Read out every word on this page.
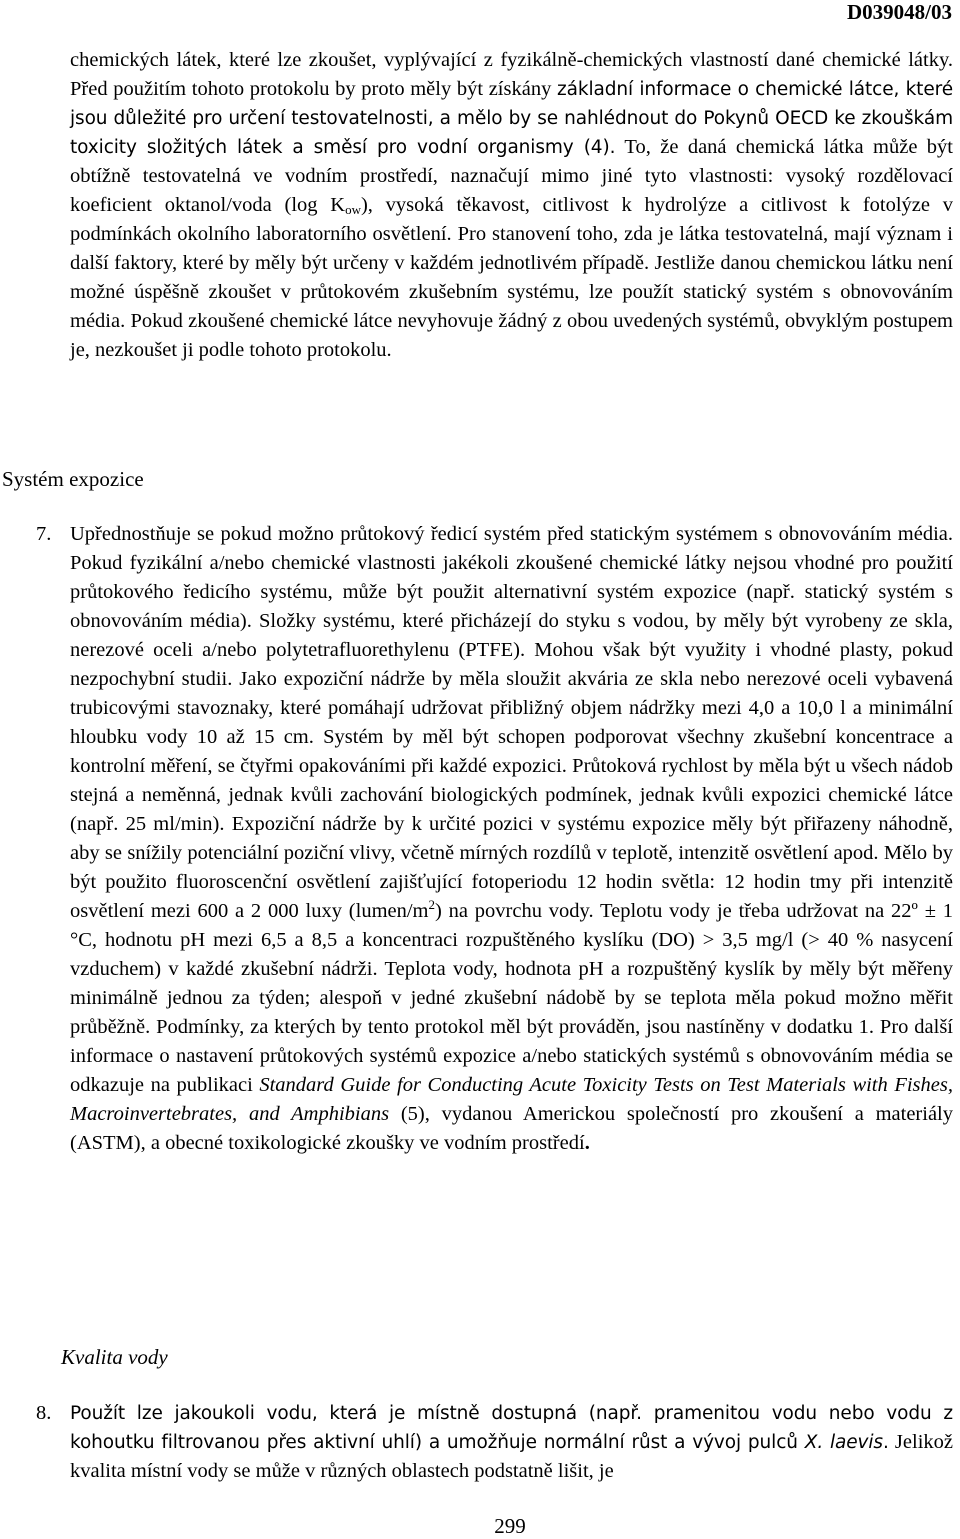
D039048/03
chemických látek, které lze zkoušet, vyplývající z fyzikálně-chemických vlastností dané chemické látky. Před použitím tohoto protokolu by proto měly být získány základní informace o chemické látce, které jsou důležité pro určení testovatelnosti, a mělo by se nahlédnout do Pokynů OECD ke zkouškám toxicity složitých látek a směsí pro vodní organismy (4). To, že daná chemická látka může být obtížně testovatelná ve vodním prostředí, naznačují mimo jiné tyto vlastnosti: vysoký rozdělovací koeficient oktanol/voda (log $K_{ow}$), vysoká těkavost, citlivost k hydrolýze a citlivost k fotolýze v podmínkách okolního laboratorního osvětlení. Pro stanovení toho, zda je látka testovatelná, mají význam i další faktory, které by měly být určeny v každém jednotlivém případě. Jestliže danou chemickou látku není možné úspěšně zkoušet v průtokovém zkušebním systému, lze použít statický systém s obnovováním média. Pokud zkoušené chemické látce nevyhovuje žádný z obou uvedených systémů, obvyklým postupem je, nezkoušet ji podle tohoto protokolu.
Systém expozice
7. Upřednostňuje se pokud možno průtokový ředicí systém před statickým systémem s obnovováním média. Pokud fyzikální a/nebo chemické vlastnosti jakékoli zkoušené chemické látky nejsou vhodné pro použití průtokového ředicího systému, může být použit alternativní systém expozice (např. statický systém s obnovováním média). Složky systému, které přicházejí do styku s vodou, by měly být vyrobeny ze skla, nerezové oceli a/nebo polytetrafluorethylenu (PTFE). Mohou však být využity i vhodné plasty, pokud nezpochybní studii. Jako expoziční nádrže by měla sloužit akvária ze skla nebo nerezové oceli vybavená trubicovými stavoznaky, které pomáhají udržovat přibližný objem nádržky mezi 4,0 a 10,0 l a minimální hloubku vody 10 až 15 cm. Systém by měl být schopen podporovat všechny zkušební koncentrace a kontrolní měření, se čtyřmi opakováními při každé expozici. Průtoková rychlost by měla být u všech nádob stejná a neměnná, jednak kvůli zachování biologických podmínek, jednak kvůli expozici chemické látce (např. 25 ml/min). Expoziční nádrže by k určité pozici v systému expozice měly být přiřazeny náhodně, aby se snížily potenciální poziční vlivy, včetně mírných rozdílů v teplotě, intenzitě osvětlení apod. Mělo by být použito fluoroscenční osvětlení zajišťující fotoperiodu 12 hodin světla: 12 hodin tmy při intenzitě osvětlení mezi 600 a 2 000 luxy $(lumen/m^2)$ na povrchu vody. Teplotu vody je třeba udržovat na 22º ± 1 °C, hodnotu pH mezi 6,5 a 8,5 a koncentraci rozpuštěného kyslíku (DO) > 3,5 mg/l (> 40 % nasycení vzduchem) v každé zkušební nádrži. Teplota vody, hodnota pH a rozpuštěný kyslík by měly být měřeny minimálně jednou za týden; alespoň v jedné zkušební nádobě by se teplota měla pokud možno měřit průběžně. Podmínky, za kterých by tento protokol měl být prováděn, jsou nastíněny v dodatku 1. Pro další informace o nastavení průtokových systémů expozice a/nebo statických systémů s obnovováním média se odkazuje na publikaci Standard Guide for Conducting Acute Toxicity Tests on Test Materials with Fishes, Macroinvertebrates, and Amphibians (5), vydanou Americkou společností pro zkoušení a materiály (ASTM), a obecné toxikologické zkoušky ve vodním prostředí.
Kvalita vody
8. Použít lze jakoukoli vodu, která je místně dostupná (např. pramenitou vodu nebo vodu z kohoutku filtrovanou přes aktivní uhlí) a umožňuje normální růst a vývoj pulců X. laevis. Jelikož kvalita místní vody se může v různých oblastech podstatně lišit, je
299
